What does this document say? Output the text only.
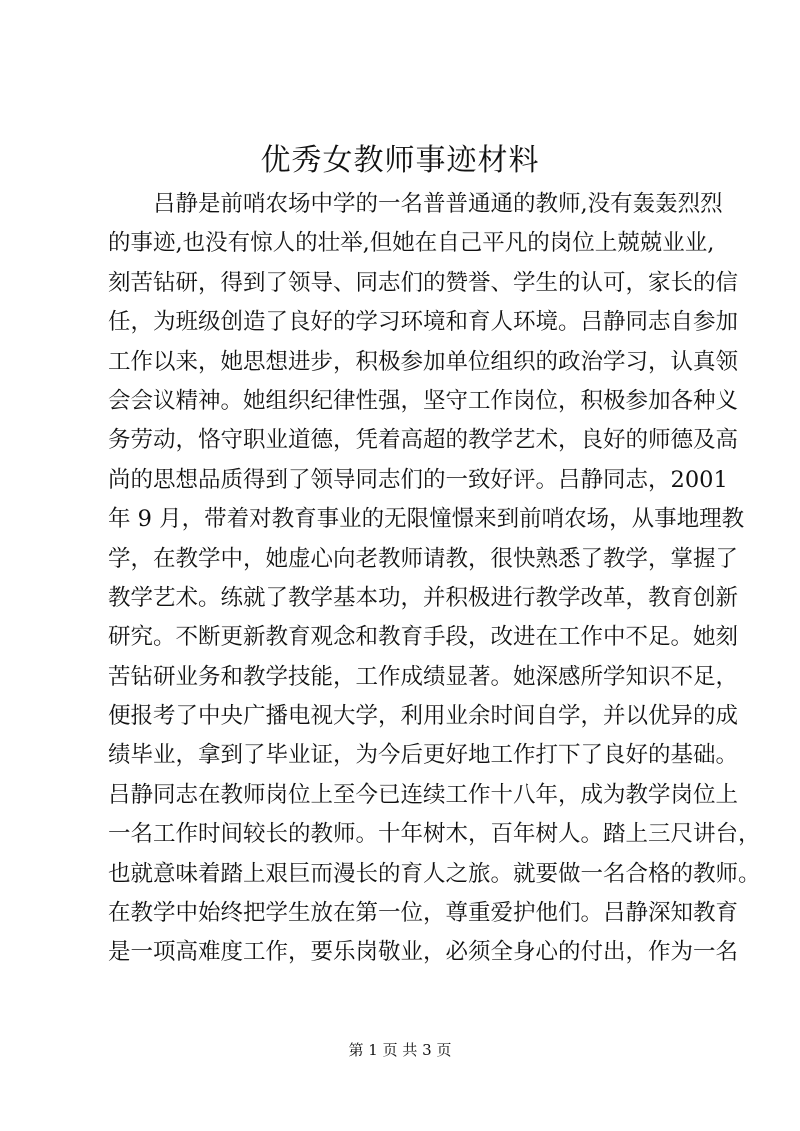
优秀女教师事迹材料
吕静是前哨农场中学的一名普普通通的教师,没有轰轰烈烈
的事迹,也没有惊人的壮举,但她在自己平凡的岗位上兢兢业业,
刻苦钻研，得到了领导、同志们的赞誉、学生的认可，家长的信
任，为班级创造了良好的学习环境和育人环境。吕静同志自参加
工作以来，她思想进步，积极参加单位组织的政治学习，认真领
会会议精神。她组织纪律性强，坚守工作岗位，积极参加各种义
务劳动，恪守职业道德，凭着高超的教学艺术，良好的师德及高
尚的思想品质得到了领导同志们的一致好评。吕静同志，2001
年 9 月，带着对教育事业的无限憧憬来到前哨农场，从事地理教
学，在教学中，她虚心向老教师请教，很快熟悉了教学，掌握了
教学艺术。练就了教学基本功，并积极进行教学改革，教育创新
研究。不断更新教育观念和教育手段，改进在工作中不足。她刻
苦钻研业务和教学技能，工作成绩显著。她深感所学知识不足，
便报考了中央广播电视大学，利用业余时间自学，并以优异的成
绩毕业，拿到了毕业证，为今后更好地工作打下了良好的基础。
吕静同志在教师岗位上至今已连续工作十八年，成为教学岗位上
一名工作时间较长的教师。十年树木，百年树人。踏上三尺讲台，
也就意味着踏上艰巨而漫长的育人之旅。就要做一名合格的教师。
在教学中始终把学生放在第一位，尊重爱护他们。吕静深知教育
是一项高难度工作，要乐岗敬业，必须全身心的付出，作为一名
第 1 页 共 3 页
